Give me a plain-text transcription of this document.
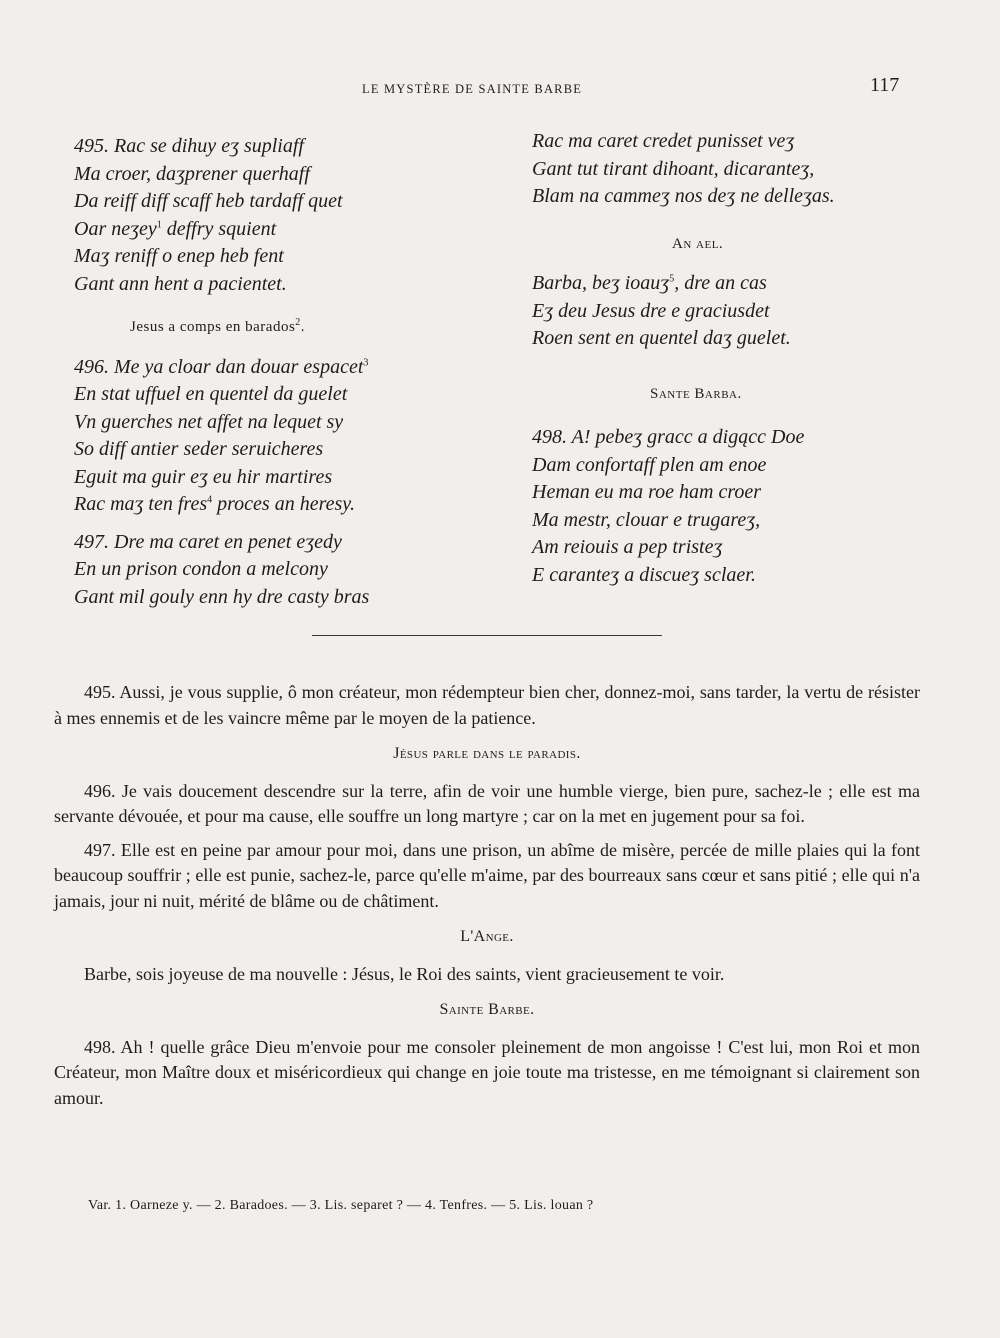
LE MYSTÈRE DE SAINTE BARBE	117
495. Rac se dihuy eʒ supliaff
Ma croer, daʒprener querhaff
Da reiff diff scaff heb tardaff quet
Oar neʒey$^1$ deffry squient
Maʒ reniff o enep heb fent
Gant ann hent a pacientet.
Jesus a comps en barados$^2$.
496. Me ya cloar dan douar espacet$^3$
En stat uffuel en quentel da guelet
Vn guerches net affet na lequet sy
So diff antier seder seruicheres
Eguit ma guir eʒ eu hir martires
Rac maʒ ten fres$^4$ proces an heresy.
497. Dre ma caret en penet eʒedy
En un prison condon a melcony
Gant mil gouly enn hy dre casty bras
Rac ma caret credet punisset veʒ
Gant tut tirant dihoant, dicaranteʒ,
Blam na cammeʒ nos deʒ ne delleʒas.
An ael.
Barba, beʒ ioauʒ$^5$, dre an cas
Eʒ deu Jesus dre e graciusdet
Roen sent en quentel daʒ guelet.
Sante Barba.
498. A! pebeʒ gracc a digącc Doe
Dam confortaff plen am enoe
Heman eu ma roe ham croer
Ma mestr, clouar e trugareʒ,
Am reiouis a pep tristeʒ
E caranteʒ a discueʒ sclaer.

495. Aussi, je vous supplie, ô mon créateur, mon rédempteur bien cher, donnez-moi, sans tarder, la vertu de résister à mes ennemis et de les vaincre même par le moyen de la patience.

Jésus parle dans le paradis.

496. Je vais doucement descendre sur la terre, afin de voir une humble vierge, bien pure, sachez-le ; elle est ma servante dévouée, et pour ma cause, elle souffre un long martyre ; car on la met en jugement pour sa foi.

497. Elle est en peine par amour pour moi, dans une prison, un abîme de misère, percée de mille plaies qui la font beaucoup souffrir ; elle est punie, sachez-le, parce qu'elle m'aime, par des bourreaux sans cœur et sans pitié ; elle qui n'a jamais, jour ni nuit, mérité de blâme ou de châtiment.

L'Ange.

Barbe, sois joyeuse de ma nouvelle : Jésus, le Roi des saints, vient gracieusement te voir.

Sainte Barbe.

498. Ah ! quelle grâce Dieu m'envoie pour me consoler pleinement de mon angoisse ! C'est lui, mon Roi et mon Créateur, mon Maître doux et miséricordieux qui change en joie toute ma tristesse, en me témoignant si clairement son amour.

Var. 1. Oarneze y. — 2. Baradoes. — 3. Lis. separet ? — 4. Tenfres. — 5. Lis. louan ?
